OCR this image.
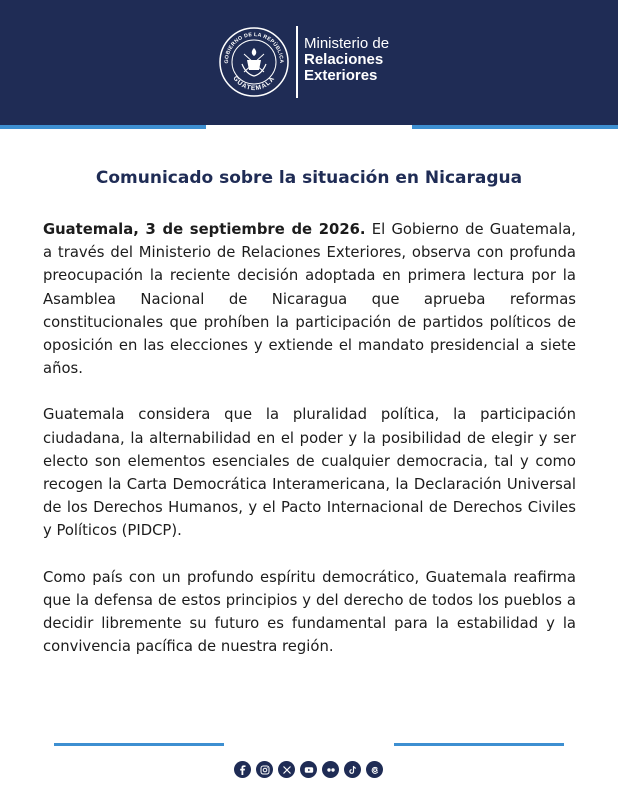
GOBIERNO DE LA REPÚBLICA
GUATEMALA
Ministerio de
Relaciones
Exteriores
Comunicado sobre la situación en Nicaragua

Guatemala, 3 de septiembre de 2026. El Gobierno de Guatemala, a través del Ministerio de Relaciones Exteriores, observa con profunda preocupación la reciente decisión adoptada en primera lectura por la Asamblea Nacional de Nicaragua que aprueba reformas constitucionales que prohíben la participación de partidos políticos de oposición en las elecciones y extiende el mandato presidencial a siete años.

Guatemala considera que la pluralidad política, la participación ciudadana, la alternabilidad en el poder y la posibilidad de elegir y ser electo son elementos esenciales de cualquier democracia, tal y como recogen la Carta Democrática Interamericana, la Declaración Universal de los Derechos Humanos, y el Pacto Internacional de Derechos Civiles y Políticos (PIDCP).

Como país con un profundo espíritu democrático, Guatemala reafirma que la defensa de estos principios y del derecho de todos los pueblos a decidir libremente su futuro es fundamental para la estabilidad y la convivencia pacífica de nuestra región.
